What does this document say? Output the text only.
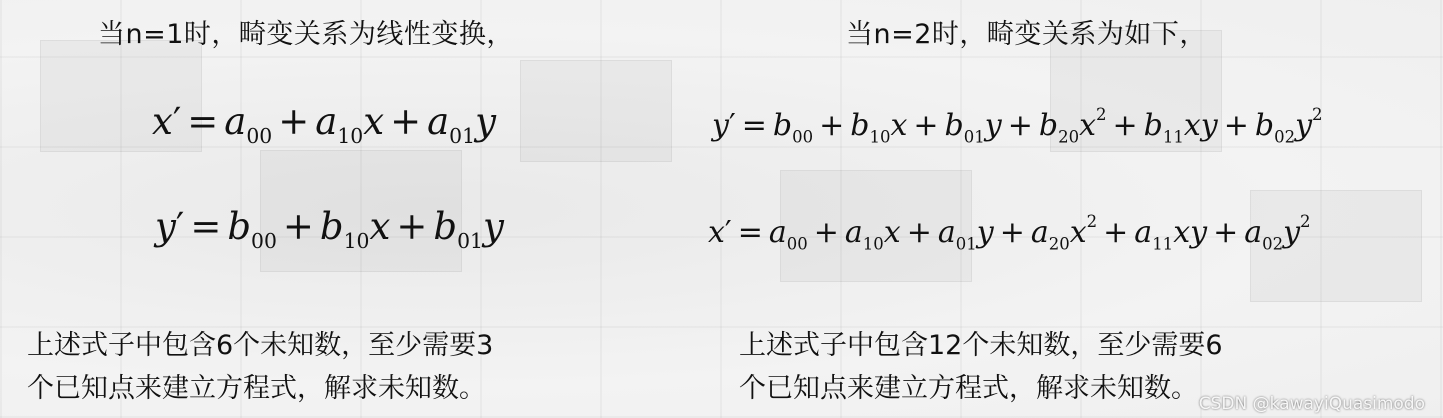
当n=1时，畸变关系为线性变换，
$x' = a_{00} + a_{10}x + a_{01}y$
$y' = b_{00} + b_{10}x + b_{01}y$
上述式子中包含6个未知数，至少需要3
个已知点来建立方程式，解求未知数。
当n=2时，畸变关系为如下，
$y' = b_{00} + b_{10}x + b_{01}y + b_{20}x^2 + b_{11}xy + b_{02}y^2$
$x' = a_{00} + a_{10}x + a_{01}y + a_{20}x^2 + a_{11}xy + a_{02}y^2$
上述式子中包含12个未知数，至少需要6
个已知点来建立方程式，解求未知数。 CSDN @kawayiQuasimodo
